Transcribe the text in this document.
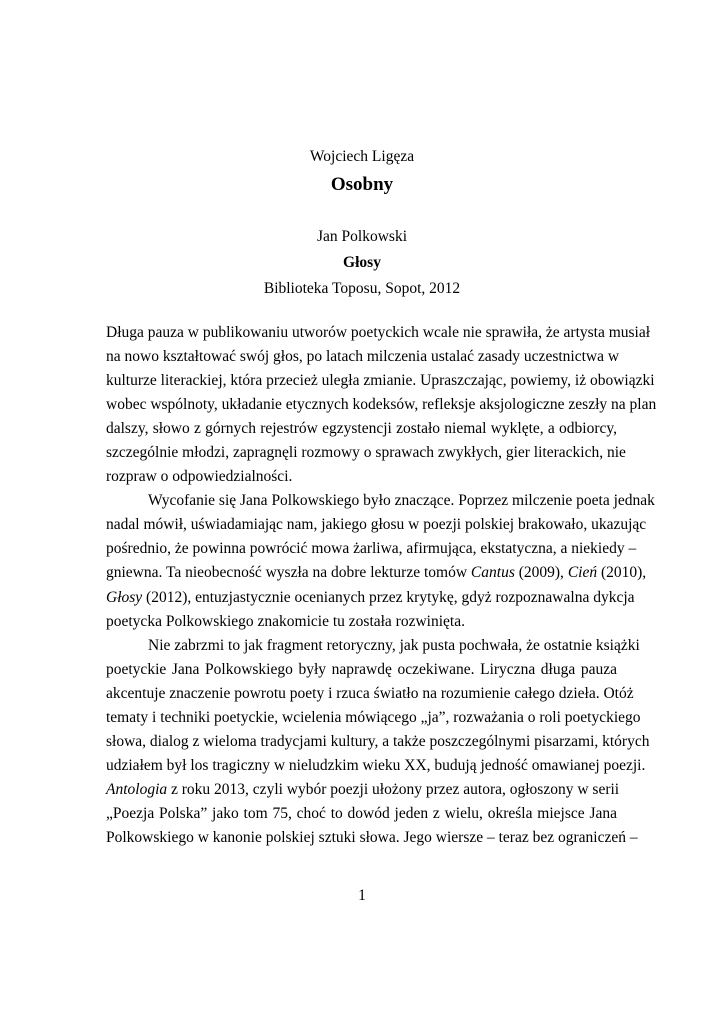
Wojciech Ligęza
Osobny
Jan Polkowski
Głosy
Biblioteka Toposu, Sopot, 2012
Długa pauza w publikowaniu utworów poetyckich wcale nie sprawiła, że artysta musiał
na nowo kształtować swój głos, po latach milczenia ustalać zasady uczestnictwa w
kulturze literackiej, która przecież uległa zmianie. Upraszczając, powiemy, iż obowiązki
wobec wspólnoty, układanie etycznych kodeksów, refleksje aksjologiczne zeszły na plan
dalszy, słowo z górnych rejestrów egzystencji zostało niemal wyklęte, a odbiorcy,
szczególnie młodzi, zapragnęli rozmowy o sprawach zwykłych, gier literackich, nie
rozpraw o odpowiedzialności.
Wycofanie się Jana Polkowskiego było znaczące. Poprzez milczenie poeta jednak
nadal mówił, uświadamiając nam, jakiego głosu w poezji polskiej brakowało, ukazując
pośrednio, że powinna powrócić mowa żarliwa, afirmująca, ekstatyczna, a niekiedy –
gniewna. Ta nieobecność wyszła na dobre lekturze tomów Cantus (2009), Cień (2010),
Głosy (2012), entuzjastycznie ocenianych przez krytykę, gdyż rozpoznawalna dykcja
poetycka Polkowskiego znakomicie tu została rozwinięta.
Nie zabrzmi to jak fragment retoryczny, jak pusta pochwała, że ostatnie książki
poetyckie Jana Polkowskiego były naprawdę oczekiwane. Liryczna długa pauza
akcentuje znaczenie powrotu poety i rzuca światło na rozumienie całego dzieła. Otóż
tematy i techniki poetyckie, wcielenia mówiącego „ja”, rozważania o roli poetyckiego
słowa, dialog z wieloma tradycjami kultury, a także poszczególnymi pisarzami, których
udziałem był los tragiczny w nieludzkim wieku XX, budują jedność omawianej poezji.
Antologia z roku 2013, czyli wybór poezji ułożony przez autora, ogłoszony w serii
„Poezja Polska” jako tom 75, choć to dowód jeden z wielu, określa miejsce Jana
Polkowskiego w kanonie polskiej sztuki słowa. Jego wiersze – teraz bez ograniczeń –
1
